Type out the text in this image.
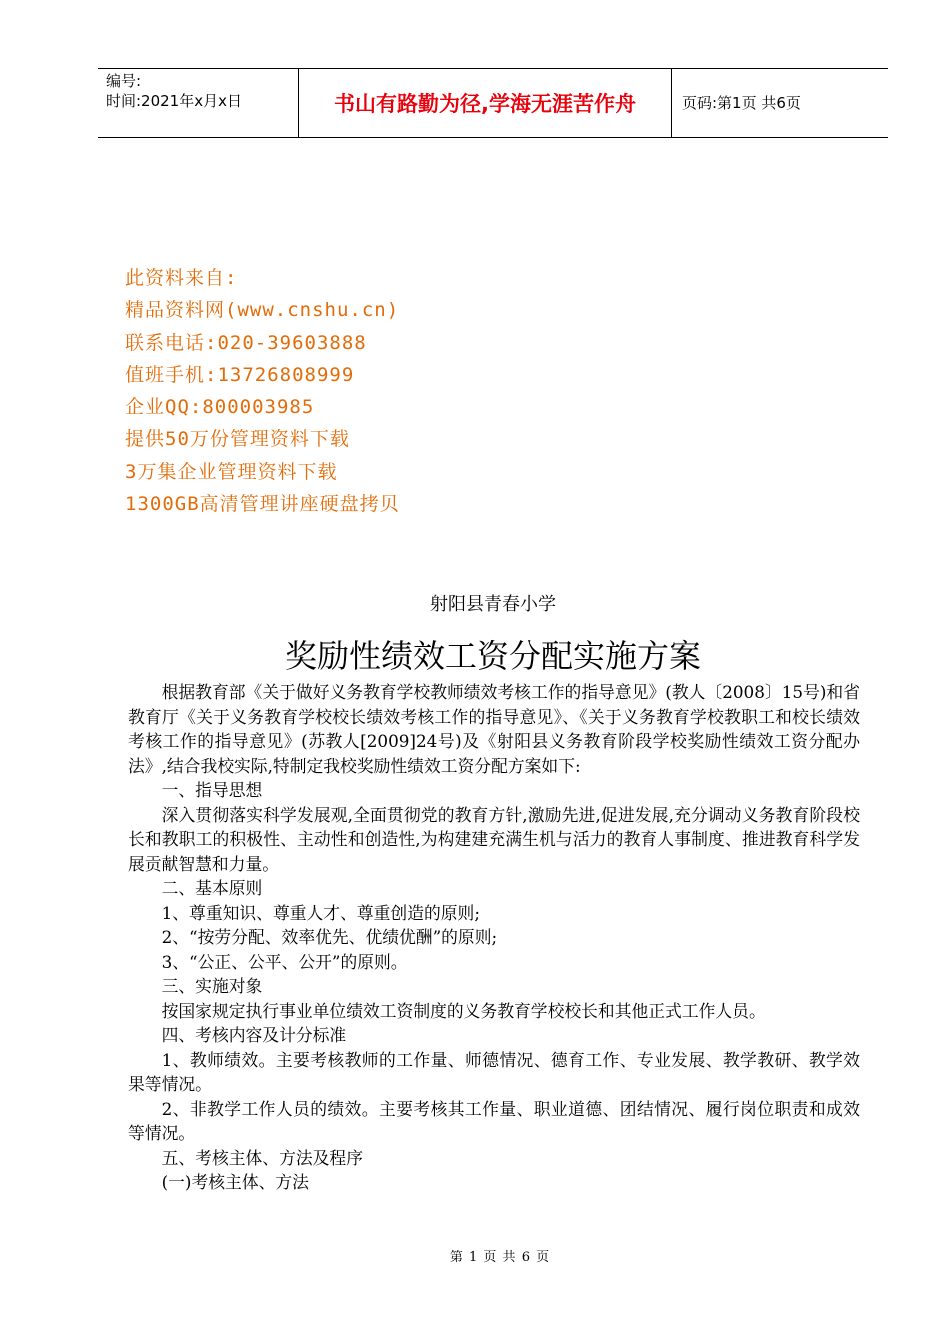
编号:
时间:2021年x月x日	书山有路勤为径,学海无涯苦作舟	页码:第1页 共6页
此资料来自:
精品资料网(www.cnshu.cn)
联系电话:020-39603888
值班手机:13726808999
企业QQ:800003985
提供50万份管理资料下载
3万集企业管理资料下载
1300GB高清管理讲座硬盘拷贝
射阳县青春小学
奖励性绩效工资分配实施方案

根据教育部《关于做好义务教育学校教师绩效考核工作的指导意见》(教人〔2008〕15号)和省教育厅《关于义务教育学校校长绩效考核工作的指导意见》、《关于义务教育学校教职工和校长绩效考核工作的指导意见》(苏教人[2009]24号)及《射阳县义务教育阶段学校奖励性绩效工资分配办法》,结合我校实际,特制定我校奖励性绩效工资分配方案如下:

一、指导思想

深入贯彻落实科学发展观,全面贯彻党的教育方针,激励先进,促进发展,充分调动义务教育阶段校长和教职工的积极性、主动性和创造性,为构建建充满生机与活力的教育人事制度、推进教育科学发展贡献智慧和力量。

二、基本原则

1、尊重知识、尊重人才、尊重创造的原则;

2、“按劳分配、效率优先、优绩优酬”的原则;

3、“公正、公平、公开”的原则。

三、实施对象

按国家规定执行事业单位绩效工资制度的义务教育学校校长和其他正式工作人员。

四、考核内容及计分标准

1、教师绩效。主要考核教师的工作量、师德情况、德育工作、专业发展、教学教研、教学效果等情况。

2、非教学工作人员的绩效。主要考核其工作量、职业道德、团结情况、履行岗位职责和成效等情况。

五、考核主体、方法及程序

(一)考核主体、方法

第 1 页 共 6 页
